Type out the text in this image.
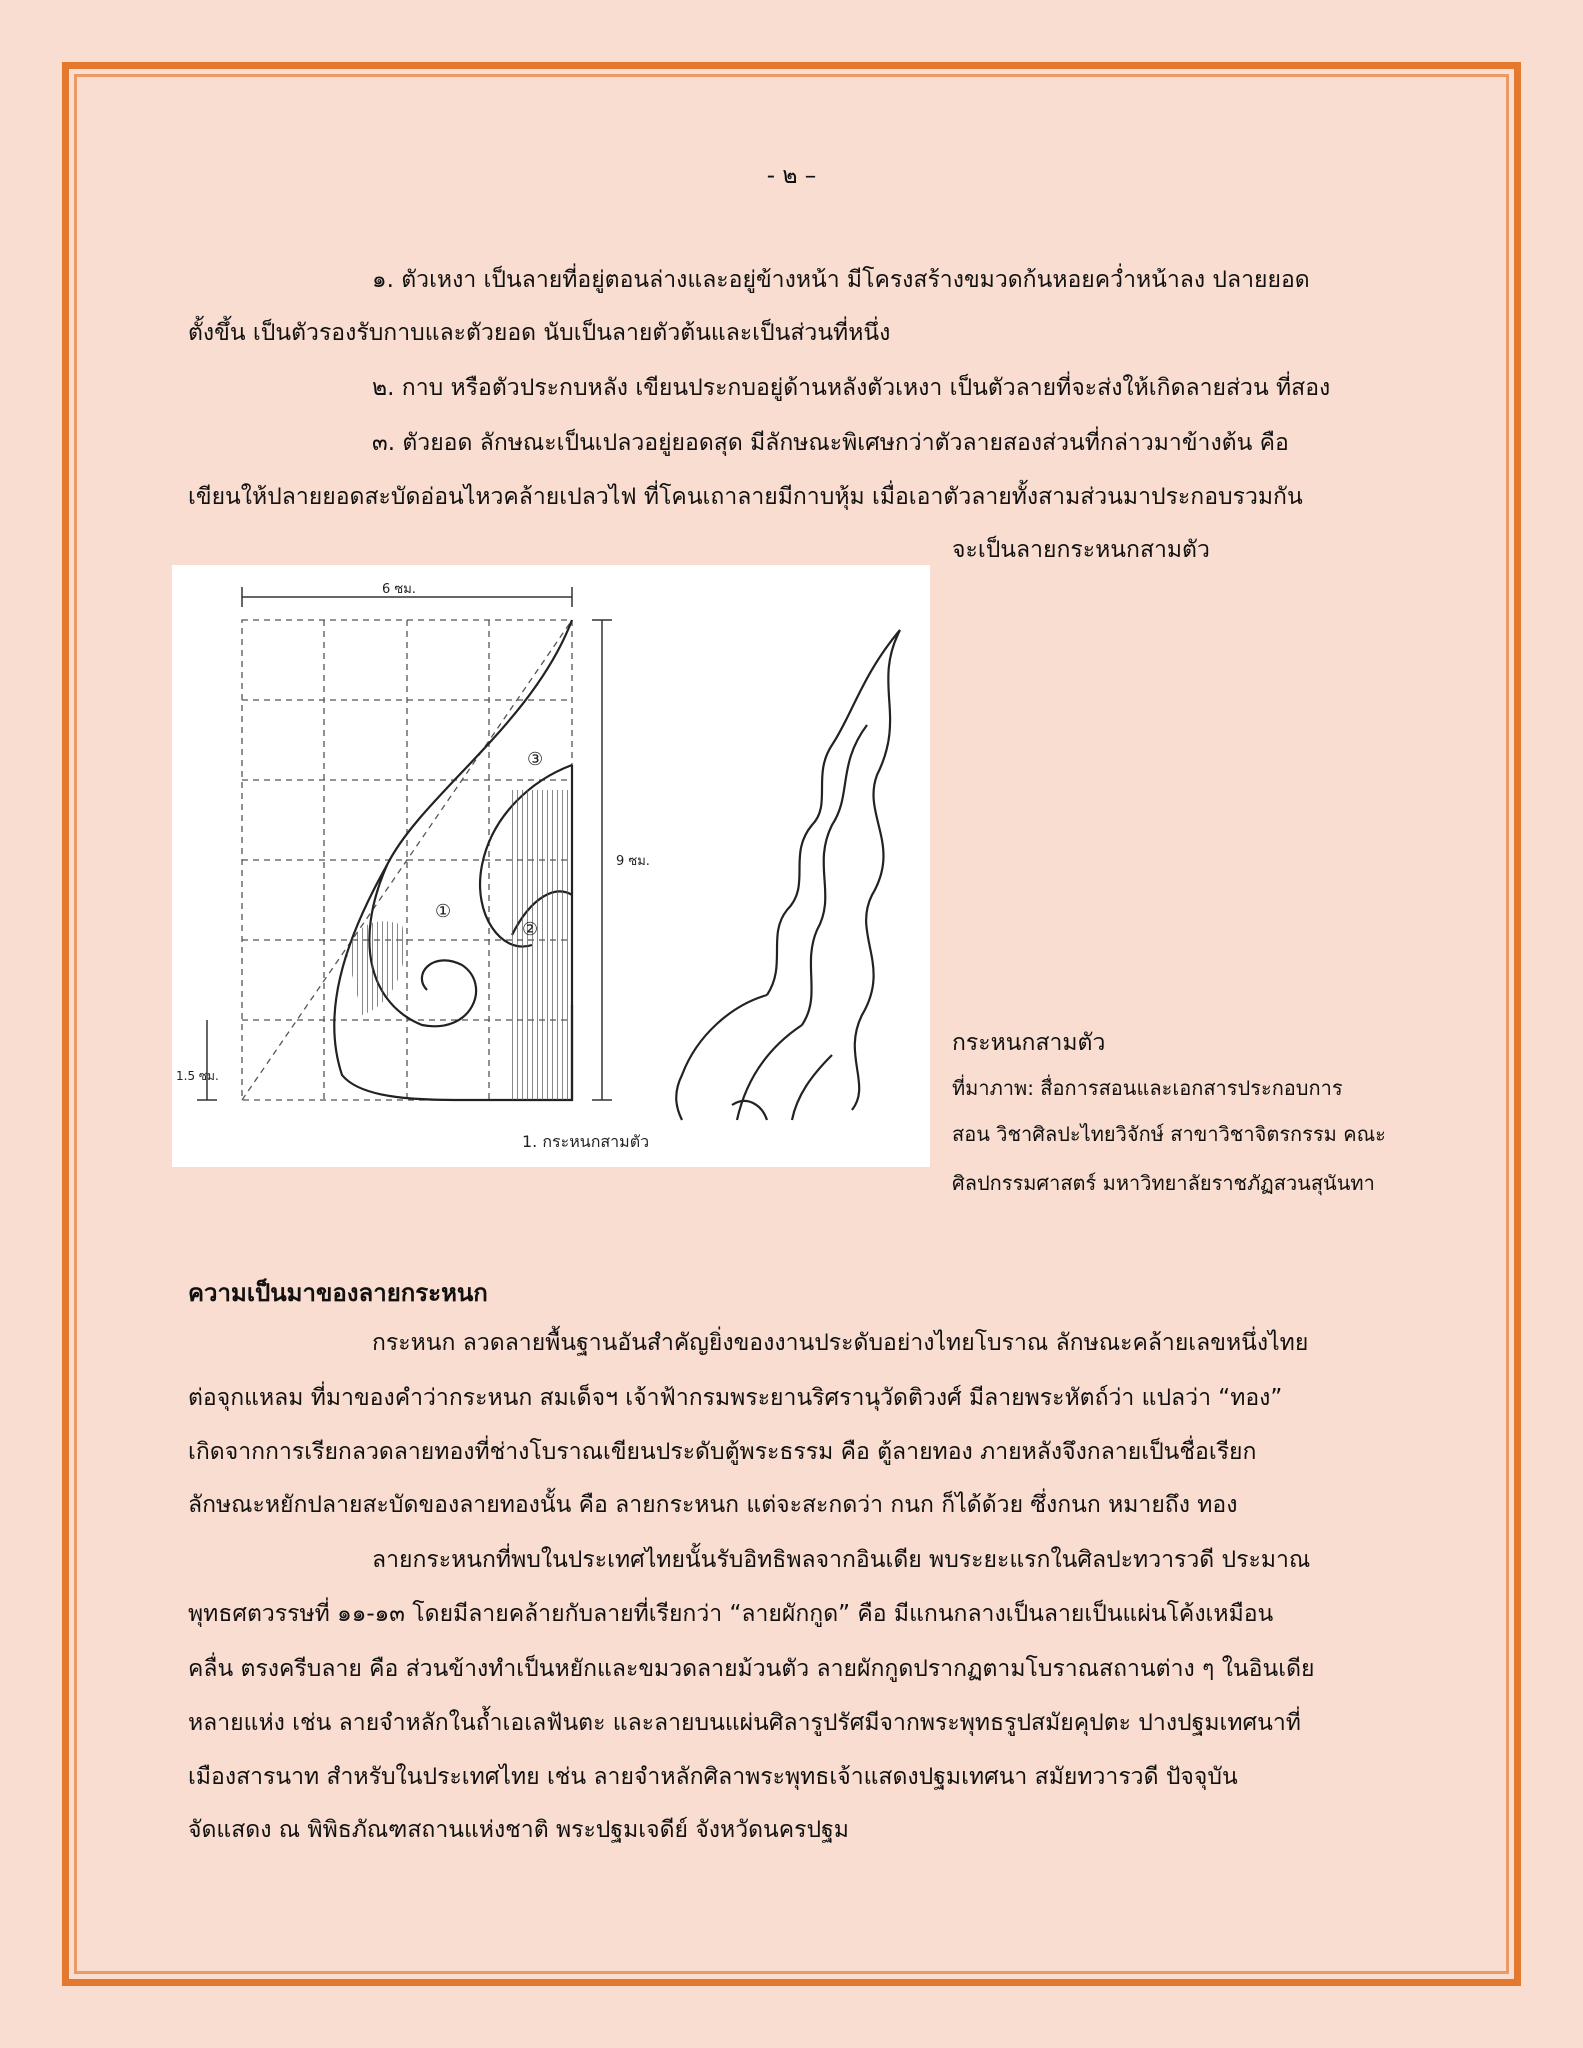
- ๒ –
๑. ตัวเหงา เป็นลายที่อยู่ตอนล่างและอยู่ข้างหน้า มีโครงสร้างขมวดก้นหอยคว่ำหน้าลง ปลายยอด
ตั้งขึ้น เป็นตัวรองรับกาบและตัวยอด นับเป็นลายตัวต้นและเป็นส่วนที่หนึ่ง
๒. กาบ หรือตัวประกบหลัง เขียนประกบอยู่ด้านหลังตัวเหงา เป็นตัวลายที่จะส่งให้เกิดลายส่วน ที่สอง
๓. ตัวยอด ลักษณะเป็นเปลวอยู่ยอดสุด มีลักษณะพิเศษกว่าตัวลายสองส่วนที่กล่าวมาข้างต้น คือ
เขียนให้ปลายยอดสะบัดอ่อนไหวคล้ายเปลวไฟ ที่โคนเถาลายมีกาบหุ้ม เมื่อเอาตัวลายทั้งสามส่วนมาประกอบรวมกัน
จะเป็นลายกระหนกสามตัว
6 ซม.
9 ซม.
1.5 ซม.
1. กระหนกสามตัว
①
②
③
กระหนกสามตัว
ที่มาภาพ: สื่อการสอนและเอกสารประกอบการ
สอน วิชาศิลปะไทยวิจักษ์ สาขาวิชาจิตรกรรม คณะ
ศิลปกรรมศาสตร์ มหาวิทยาลัยราชภัฏสวนสุนันทา
ความเป็นมาของลายกระหนก
กระหนก ลวดลายพื้นฐานอันสำคัญยิ่งของงานประดับอย่างไทยโบราณ ลักษณะคล้ายเลขหนึ่งไทย
ต่อจุกแหลม ที่มาของคำว่ากระหนก สมเด็จฯ เจ้าฟ้ากรมพระยานริศรานุวัดติวงศ์ มีลายพระหัตถ์ว่า แปลว่า “ทอง”
เกิดจากการเรียกลวดลายทองที่ช่างโบราณเขียนประดับตู้พระธรรม คือ ตู้ลายทอง ภายหลังจึงกลายเป็นชื่อเรียก
ลักษณะหยักปลายสะบัดของลายทองนั้น คือ ลายกระหนก แต่จะสะกดว่า กนก ก็ได้ด้วย ซึ่งกนก หมายถึง ทอง
ลายกระหนกที่พบในประเทศไทยนั้นรับอิทธิพลจากอินเดีย พบระยะแรกในศิลปะทวารวดี ประมาณ
พุทธศตวรรษที่ ๑๑-๑๓ โดยมีลายคล้ายกับลายที่เรียกว่า “ลายผักกูด” คือ มีแกนกลางเป็นลายเป็นแผ่นโค้งเหมือน
คลื่น ตรงครีบลาย คือ ส่วนข้างทำเป็นหยักและขมวดลายม้วนตัว ลายผักกูดปรากฏตามโบราณสถานต่าง ๆ ในอินเดีย
หลายแห่ง เช่น ลายจำหลักในถ้ำเอเลฟันตะ และลายบนแผ่นศิลารูปรัศมีจากพระพุทธรูปสมัยคุปตะ ปางปฐมเทศนาที่
เมืองสารนาท สำหรับในประเทศไทย เช่น ลายจำหลักศิลาพระพุทธเจ้าแสดงปฐมเทศนา สมัยทวารวดี ปัจจุบัน
จัดแสดง ณ พิพิธภัณฑสถานแห่งชาติ พระปฐมเจดีย์ จังหวัดนครปฐม
